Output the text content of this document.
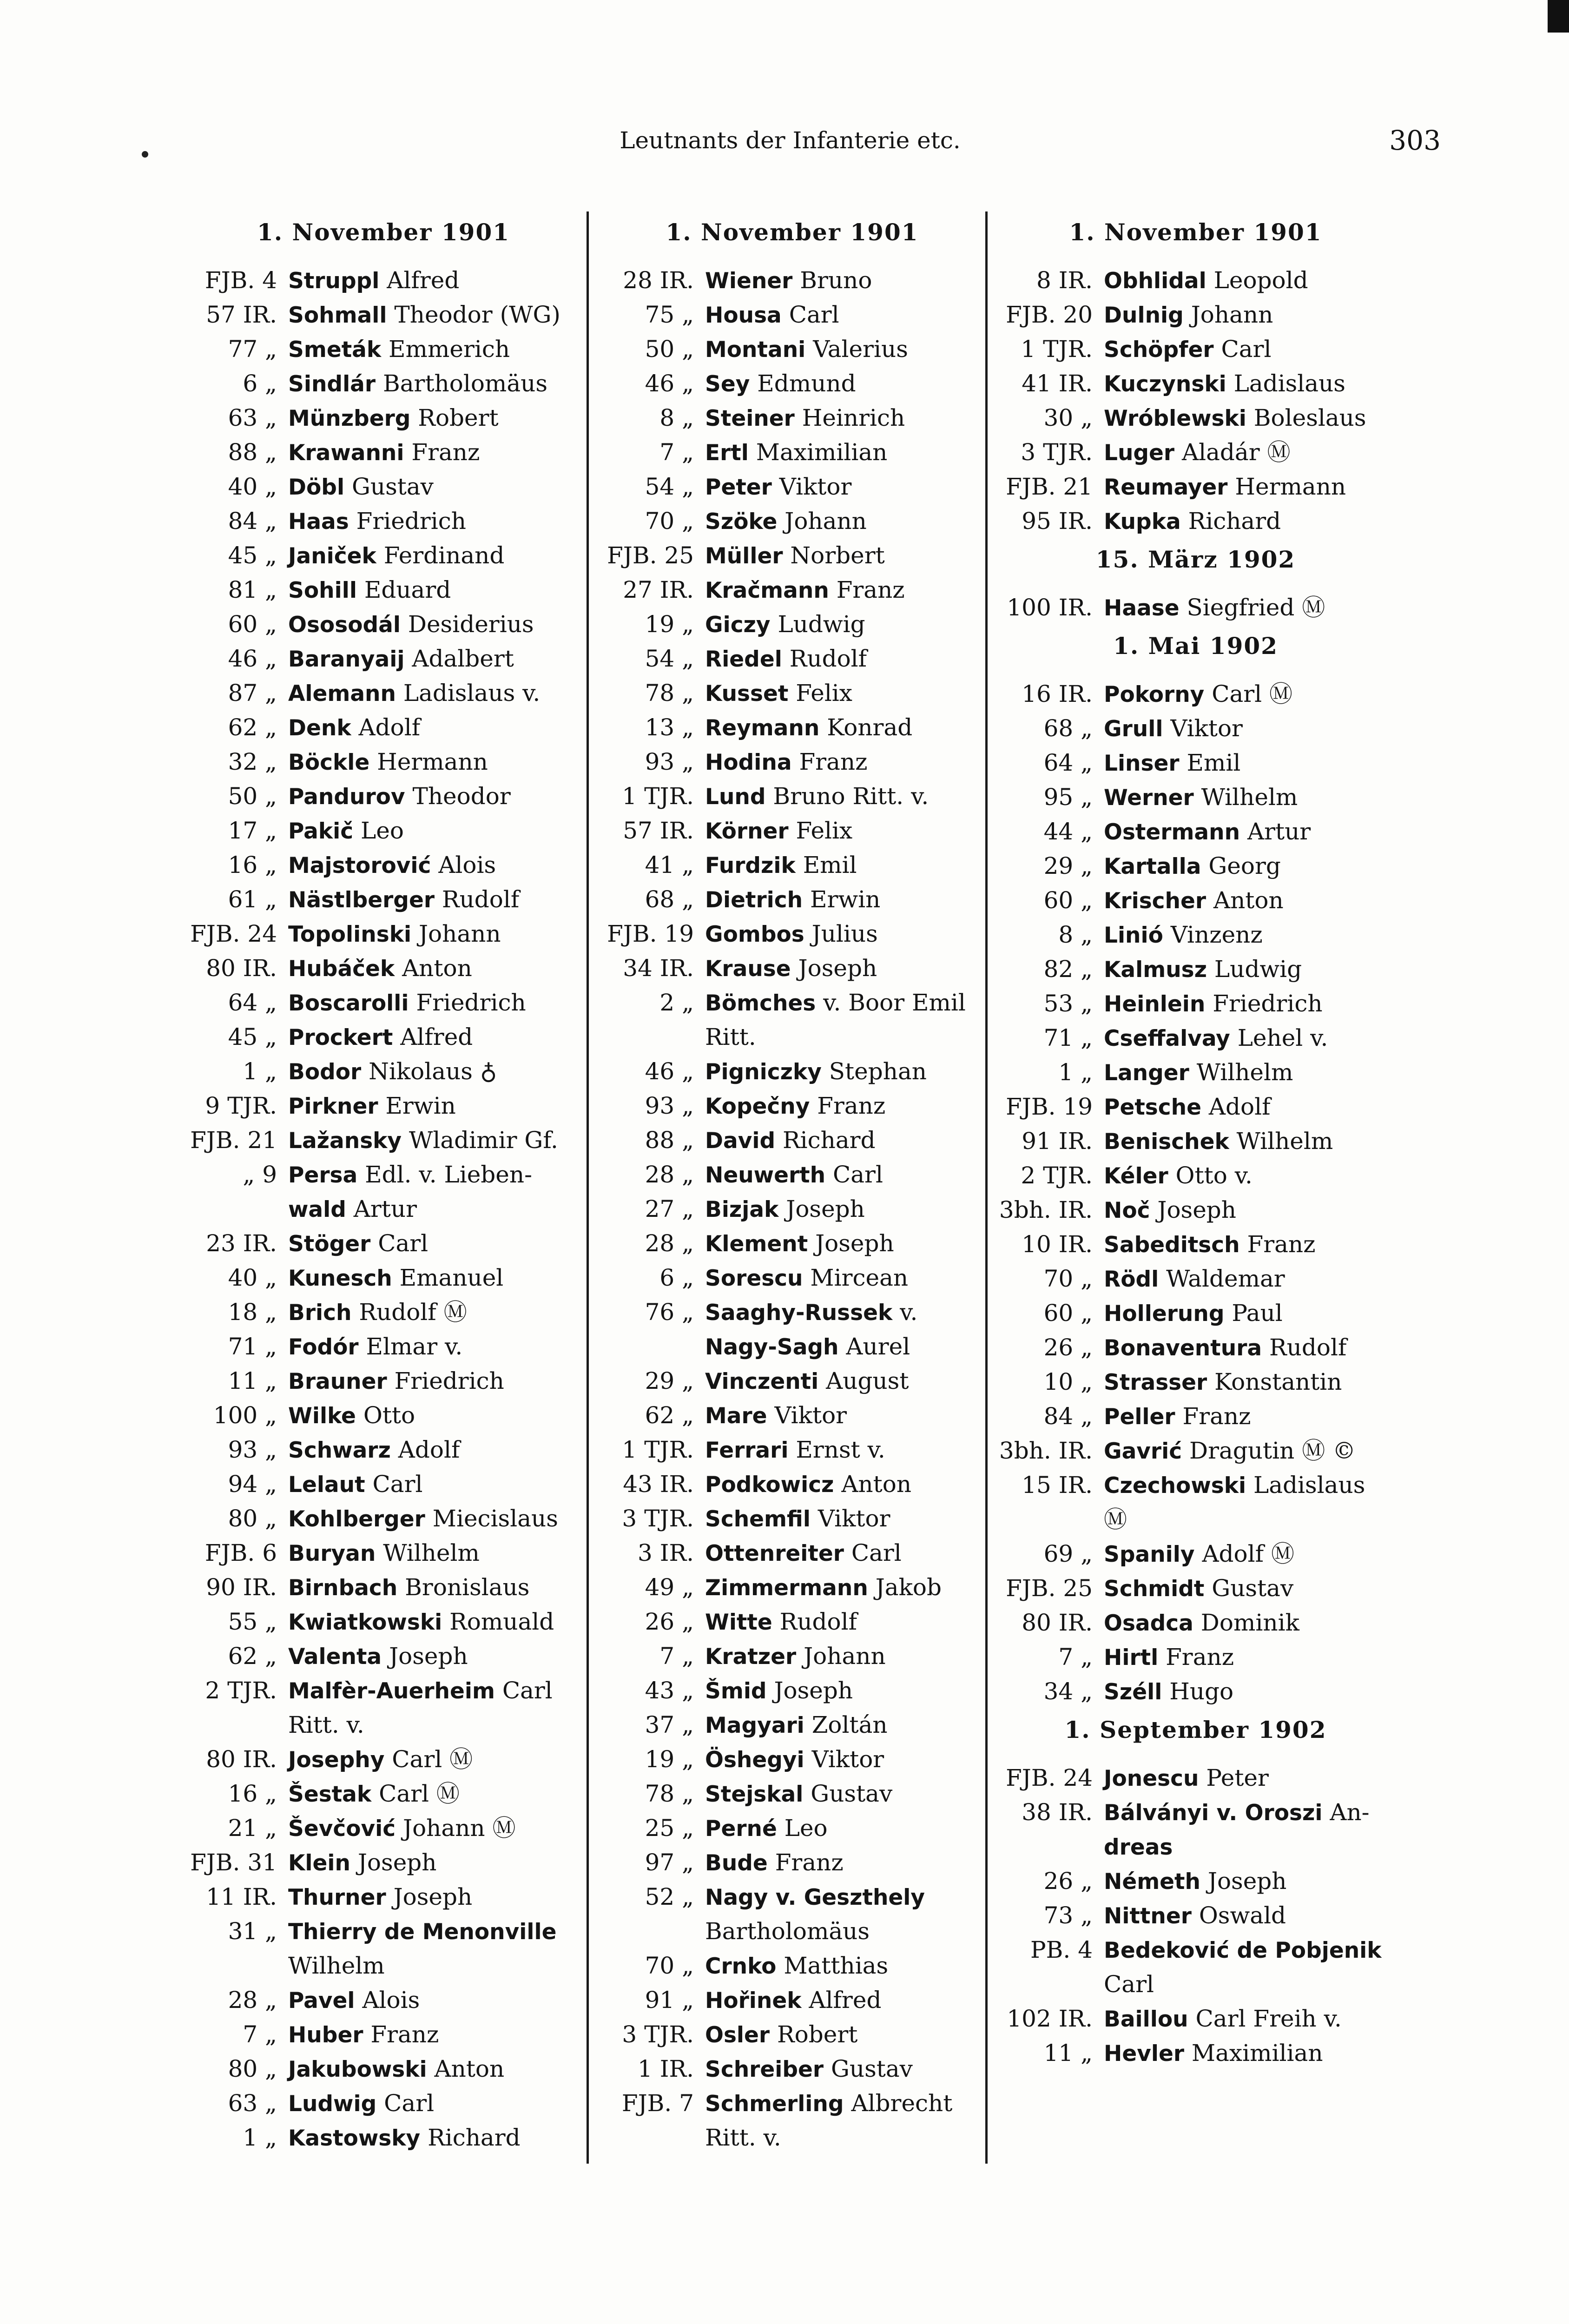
Leutnants der Infanterie etc.	303
1. November 1901
FJB. 4 Struppl Alfred
57 IR. Sohmall Theodor (WG)
77 „ Smeták Emmerich
6 „ Sindlár Bartholomäus
63 „ Münzberg Robert
88 „ Krawanni Franz
40 „ Döbl Gustav
84 „ Haas Friedrich
45 „ Janiček Ferdinand
81 „ Sohill Eduard
60 „ Ososodál Desiderius
46 „ Baranyaij Adalbert
87 „ Alemann Ladislaus v.
62 „ Denk Adolf
32 „ Böckle Hermann
50 „ Pandurov Theodor
17 „ Pakič Leo
16 „ Majstorović Alois
61 „ Nästlberger Rudolf
FJB. 24 Topolinski Johann
80 IR. Hubáček Anton
64 „ Boscarolli Friedrich
45 „ Prockert Alfred
1 „ Bodor Nikolaus ♁
9 TJR. Pirkner Erwin
FJB. 21 Lažansky Wladimir Gf.
„ 9 Persa Edl. v. Lieben-
wald Artur
23 IR. Stöger Carl
40 „ Kunesch Emanuel
18 „ Brich Rudolf Ⓜ
71 „ Fodór Elmar v.
11 „ Brauner Friedrich
100 „ Wilke Otto
93 „ Schwarz Adolf
94 „ Lelaut Carl
80 „ Kohlberger Miecislaus
FJB. 6 Buryan Wilhelm
90 IR. Birnbach Bronislaus
55 „ Kwiatkowski Romuald
62 „ Valenta Joseph
2 TJR. Malfèr-Auerheim Carl
Ritt. v.
80 IR. Josephy Carl Ⓜ
16 „ Šestak Carl Ⓜ
21 „ Ševčović Johann Ⓜ
FJB. 31 Klein Joseph
11 IR. Thurner Joseph
31 „ Thierry de Menonville
Wilhelm
28 „ Pavel Alois
7 „ Huber Franz
80 „ Jakubowski Anton
63 „ Ludwig Carl
1 „ Kastowsky Richard
1. November 1901
28 IR. Wiener Bruno
75 „ Housa Carl
50 „ Montani Valerius
46 „ Sey Edmund
8 „ Steiner Heinrich
7 „ Ertl Maximilian
54 „ Peter Viktor
70 „ Szöke Johann
FJB. 25 Müller Norbert
27 IR. Kračmann Franz
19 „ Giczy Ludwig
54 „ Riedel Rudolf
78 „ Kusset Felix
13 „ Reymann Konrad
93 „ Hodina Franz
1 TJR. Lund Bruno Ritt. v.
57 IR. Körner Felix
41 „ Furdzik Emil
68 „ Dietrich Erwin
FJB. 19 Gombos Julius
34 IR. Krause Joseph
2 „ Bömches v. Boor Emil
Ritt.
46 „ Pigniczky Stephan
93 „ Kopečny Franz
88 „ David Richard
28 „ Neuwerth Carl
27 „ Bizjak Joseph
28 „ Klement Joseph
6 „ Sorescu Mircean
76 „ Saaghy-Russek v.
Nagy-Sagh Aurel
29 „ Vinczenti August
62 „ Mare Viktor
1 TJR. Ferrari Ernst v.
43 IR. Podkowicz Anton
3 TJR. Schemfil Viktor
3 IR. Ottenreiter Carl
49 „ Zimmermann Jakob
26 „ Witte Rudolf
7 „ Kratzer Johann
43 „ Šmid Joseph
37 „ Magyari Zoltán
19 „ Öshegyi Viktor
78 „ Stejskal Gustav
25 „ Perné Leo
97 „ Bude Franz
52 „ Nagy v. Geszthely
Bartholomäus
70 „ Crnko Matthias
91 „ Hořinek Alfred
3 TJR. Osler Robert
1 IR. Schreiber Gustav
FJB. 7 Schmerling Albrecht
Ritt. v.
1. November 1901
8 IR. Obhlidal Leopold
FJB. 20 Dulnig Johann
1 TJR. Schöpfer Carl
41 IR. Kuczynski Ladislaus
30 „ Wróblewski Boleslaus
3 TJR. Luger Aladár Ⓜ
FJB. 21 Reumayer Hermann
95 IR. Kupka Richard
15. März 1902
100 IR. Haase Siegfried Ⓜ
1. Mai 1902
16 IR. Pokorny Carl Ⓜ
68 „ Grull Viktor
64 „ Linser Emil
95 „ Werner Wilhelm
44 „ Ostermann Artur
29 „ Kartalla Georg
60 „ Krischer Anton
8 „ Linió Vinzenz
82 „ Kalmusz Ludwig
53 „ Heinlein Friedrich
71 „ Cseffalvay Lehel v.
1 „ Langer Wilhelm
FJB. 19 Petsche Adolf
91 IR. Benischek Wilhelm
2 TJR. Kéler Otto v.
3bh. IR. Noč Joseph
10 IR. Sabeditsch Franz
70 „ Rödl Waldemar
60 „ Hollerung Paul
26 „ Bonaventura Rudolf
10 „ Strasser Konstantin
84 „ Peller Franz
3bh. IR. Gavrić Dragutin Ⓜ ©
15 IR. Czechowski Ladislaus
Ⓜ
69 „ Spanily Adolf Ⓜ
FJB. 25 Schmidt Gustav
80 IR. Osadca Dominik
7 „ Hirtl Franz
34 „ Széll Hugo
1. September 1902
FJB. 24 Jonescu Peter
38 IR. Bálványi v. Oroszi An-
dreas
26 „ Németh Joseph
73 „ Nittner Oswald
PB. 4 Bedeković de Pobjenik
Carl
102 IR. Baillou Carl Freih v.
11 „ Hevler Maximilian
